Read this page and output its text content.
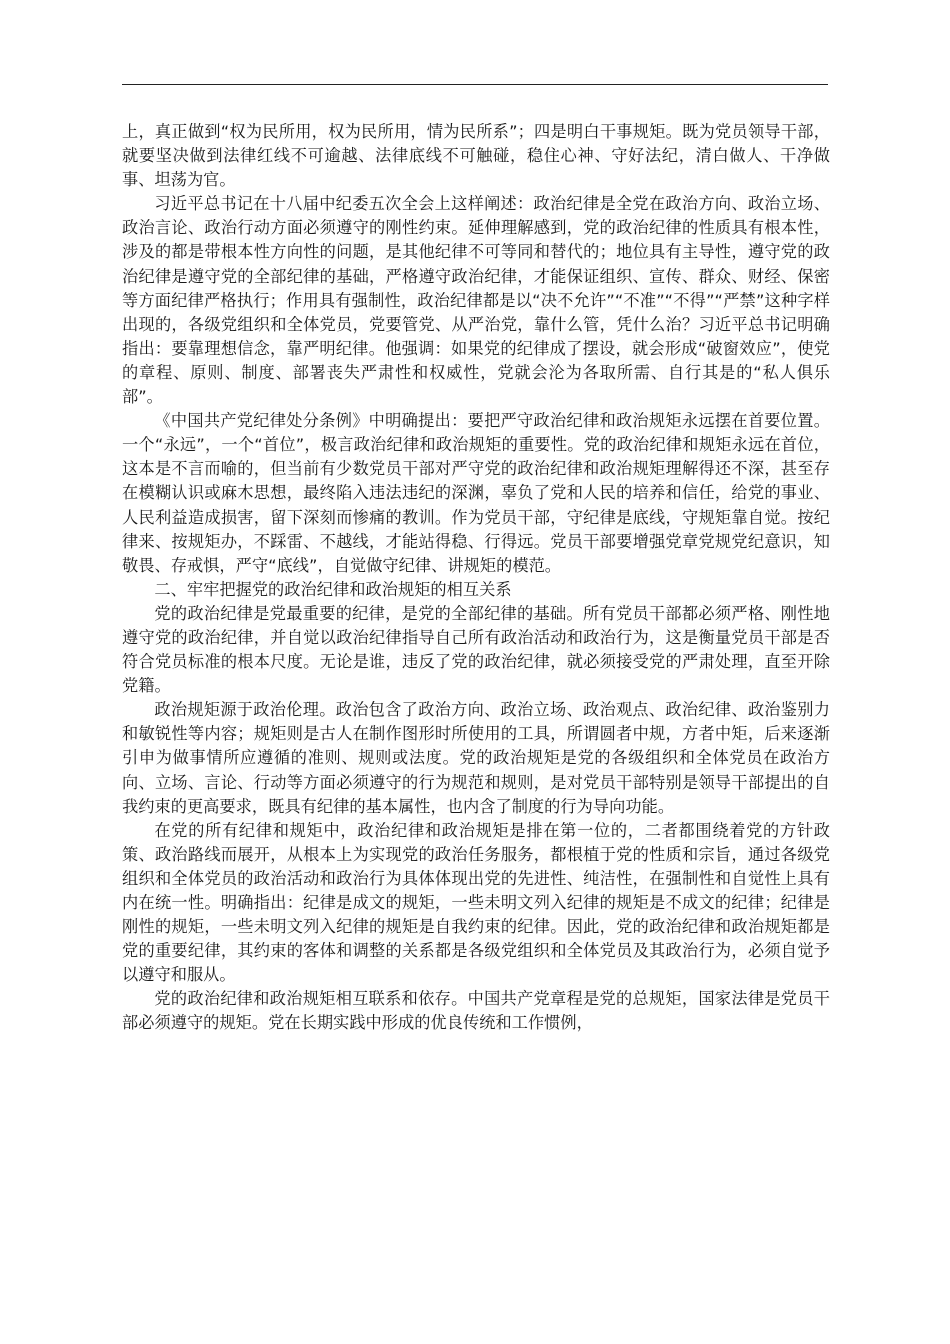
上，真正做到“权为民所用，权为民所用，情为民所系”；四是明白干事规矩。既为党员领导干部，就要坚决做到法律红线不可逾越、法律底线不可触碰，稳住心神、守好法纪，清白做人、干净做事、坦荡为官。

习近平总书记在十八届中纪委五次全会上这样阐述：政治纪律是全党在政治方向、政治立场、政治言论、政治行动方面必须遵守的刚性约束。延伸理解感到，党的政治纪律的性质具有根本性，涉及的都是带根本性方向性的问题，是其他纪律不可等同和替代的；地位具有主导性，遵守党的政治纪律是遵守党的全部纪律的基础，严格遵守政治纪律，才能保证组织、宣传、群众、财经、保密等方面纪律严格执行；作用具有强制性，政治纪律都是以“决不允许”“不准”“不得”“严禁”这种字样出现的，各级党组织和全体党员，党要管党、从严治党，靠什么管，凭什么治？习近平总书记明确指出：要靠理想信念，靠严明纪律。他强调：如果党的纪律成了摆设，就会形成“破窗效应”，使党的章程、原则、制度、部署丧失严肃性和权威性，党就会沦为各取所需、自行其是的“私人俱乐部”。

《中国共产党纪律处分条例》中明确提出：要把严守政治纪律和政治规矩永远摆在首要位置。一个“永远”，一个“首位”，极言政治纪律和政治规矩的重要性。党的政治纪律和规矩永远在首位，这本是不言而喻的，但当前有少数党员干部对严守党的政治纪律和政治规矩理解得还不深，甚至存在模糊认识或麻木思想，最终陷入违法违纪的深渊，辜负了党和人民的培养和信任，给党的事业、人民利益造成损害，留下深刻而惨痛的教训。作为党员干部，守纪律是底线，守规矩靠自觉。按纪律来、按规矩办，不踩雷、不越线，才能站得稳、行得远。党员干部要增强党章党规党纪意识，知敬畏、存戒惧，严守“底线”，自觉做守纪律、讲规矩的模范。

二、牢牢把握党的政治纪律和政治规矩的相互关系

党的政治纪律是党最重要的纪律，是党的全部纪律的基础。所有党员干部都必须严格、刚性地遵守党的政治纪律，并自觉以政治纪律指导自己所有政治活动和政治行为，这是衡量党员干部是否符合党员标准的根本尺度。无论是谁，违反了党的政治纪律，就必须接受党的严肃处理，直至开除党籍。

政治规矩源于政治伦理。政治包含了政治方向、政治立场、政治观点、政治纪律、政治鉴别力和敏锐性等内容；规矩则是古人在制作图形时所使用的工具，所谓圆者中规，方者中矩，后来逐渐引申为做事情所应遵循的准则、规则或法度。党的政治规矩是党的各级组织和全体党员在政治方向、立场、言论、行动等方面必须遵守的行为规范和规则，是对党员干部特别是领导干部提出的自我约束的更高要求，既具有纪律的基本属性，也内含了制度的行为导向功能。

在党的所有纪律和规矩中，政治纪律和政治规矩是排在第一位的，二者都围绕着党的方针政策、政治路线而展开，从根本上为实现党的政治任务服务，都根植于党的性质和宗旨，通过各级党组织和全体党员的政治活动和政治行为具体体现出党的先进性、纯洁性，在强制性和自觉性上具有内在统一性。明确指出：纪律是成文的规矩，一些未明文列入纪律的规矩是不成文的纪律；纪律是刚性的规矩，一些未明文列入纪律的规矩是自我约束的纪律。因此，党的政治纪律和政治规矩都是党的重要纪律，其约束的客体和调整的关系都是各级党组织和全体党员及其政治行为，必须自觉予以遵守和服从。

党的政治纪律和政治规矩相互联系和依存。中国共产党章程是党的总规矩，国家法律是党员干部必须遵守的规矩。党在长期实践中形成的优良传统和工作惯例，
